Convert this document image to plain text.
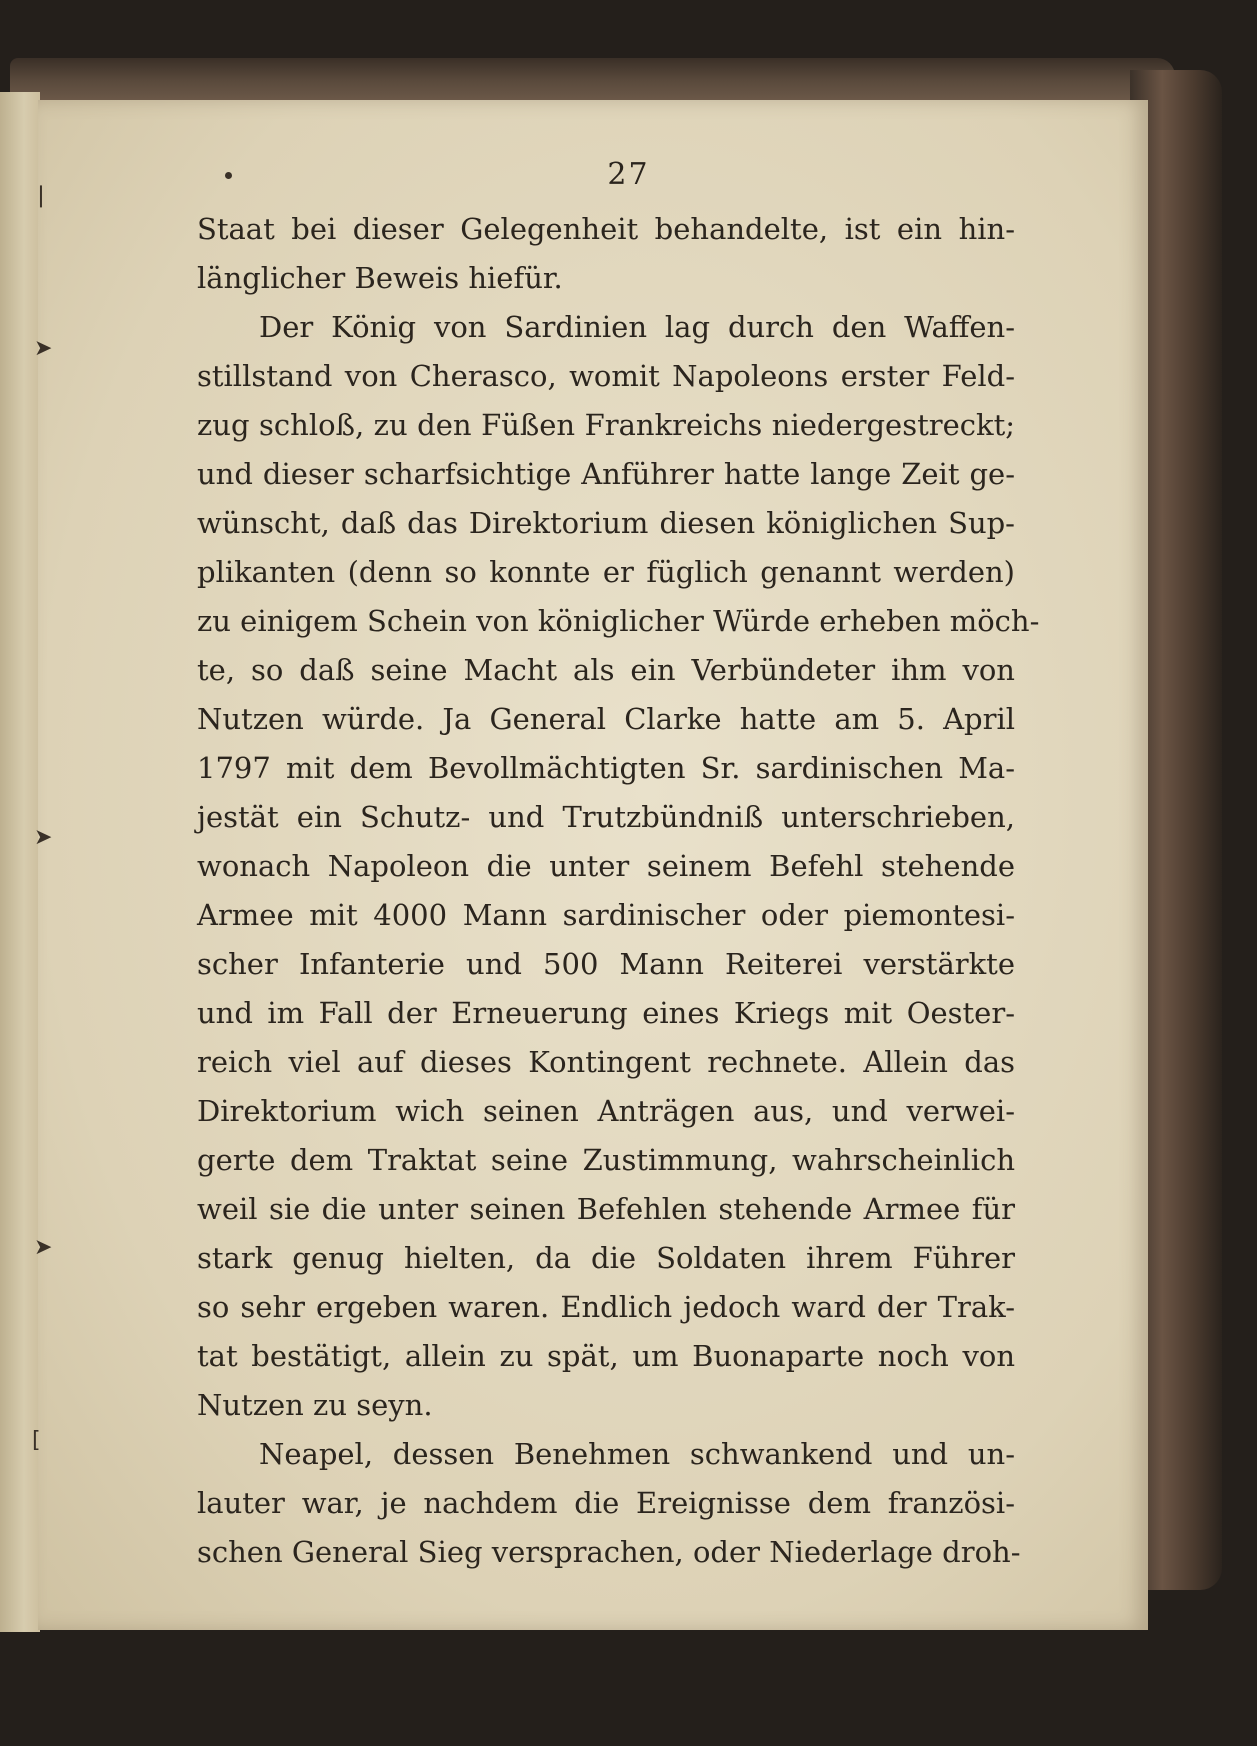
⎸
➤
➤
➤
[
27
Staat bei dieser Gelegenheit behandelte, ist ein hin-
länglicher Beweis hiefür.
Der König von Sardinien lag durch den Waffen-
stillstand von Cherasco, womit Napoleons erster Feld-
zug schloß, zu den Füßen Frankreichs niedergestreckt;
und dieser scharfsichtige Anführer hatte lange Zeit ge-
wünscht, daß das Direktorium diesen königlichen Sup-
plikanten (denn so konnte er füglich genannt werden)
zu einigem Schein von königlicher Würde erheben möch-
te, so daß seine Macht als ein Verbündeter ihm von
Nutzen würde. Ja General Clarke hatte am 5. April
1797 mit dem Bevollmächtigten Sr. sardinischen Ma-
jestät ein Schutz- und Trutzbündniß unterschrieben,
wonach Napoleon die unter seinem Befehl stehende
Armee mit 4000 Mann sardinischer oder piemontesi-
scher Infanterie und 500 Mann Reiterei verstärkte
und im Fall der Erneuerung eines Kriegs mit Oester-
reich viel auf dieses Kontingent rechnete. Allein das
Direktorium wich seinen Anträgen aus, und verwei-
gerte dem Traktat seine Zustimmung, wahrscheinlich
weil sie die unter seinen Befehlen stehende Armee für
stark genug hielten, da die Soldaten ihrem Führer
so sehr ergeben waren. Endlich jedoch ward der Trak-
tat bestätigt, allein zu spät, um Buonaparte noch von
Nutzen zu seyn.
Neapel, dessen Benehmen schwankend und un-
lauter war, je nachdem die Ereignisse dem französi-
schen General Sieg versprachen, oder Niederlage droh-
